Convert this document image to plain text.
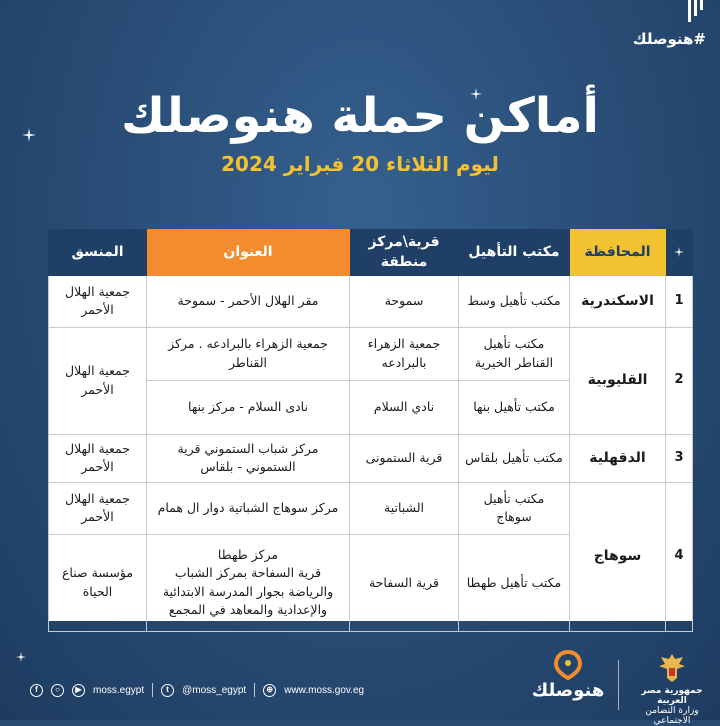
#هنوصلك
أماكن حملة هنوصلك
ليوم الثلاثاء 20 فبراير 2024
المنسق	العنوان	قرية\مركز منطقة	مكتب التأهيل	المحافظة	

جمعية الهلال الأحمر	مقر الهلال الأحمر - سموحة	سموحة	مكتب تأهيل وسط	الاسكندرية	1
جمعية الهلال الأحمر	جمعية الزهراء بالبرادعه . مركز القناطر	جمعية الزهراء بالبرادعه	مكتب تأهيل القناطر الخيرية	القليوبية	2
	نادى السلام - مركز بنها	نادي السلام	مكتب تأهيل بنها		
جمعية الهلال الأحمر	مركز شباب الستموني قرية الستموني - بلقاس	قرية الستمونى	مكتب تأهيل بلقاس	الدقهلية	3
جمعية الهلال الأحمر	مركز سوهاج الشباتية دوار ال همام	الشباتية	مكتب تأهيل سوهاج	سوهاج	4
مؤسسة صناع الحياة	مركز طهطا
قرية السفاحة بمركز الشباب
والرياضة بجوار المدرسة الابتدائية
والإعدادية والمعاهد في المجمع	قرية السفاحة	مكتب تأهيل طهطا		
f	○	▶	moss.egypt	t	@moss_egypt	⊕	www.moss.gov.eg	هنوصلك	جمهورية مصر العربية
وزارة التضامن الاجتماعي
